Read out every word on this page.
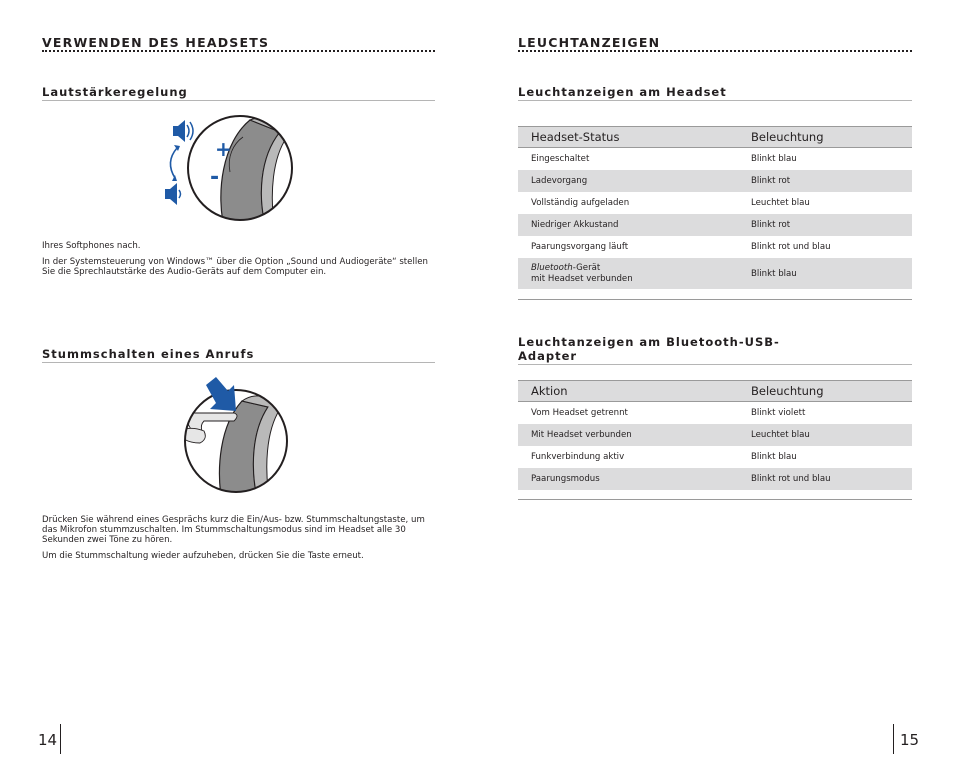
VERWENDEN DES HEADSETS
Lautstärkeregelung
+
-

Ihres Softphones nach.

In der Systemsteuerung von Windows™ über die Option „Sound und Audiogeräte“ stellen Sie die Sprechlautstärke des Audio-Geräts auf dem Computer ein.

Stummschalten eines Anrufs

Drücken Sie während eines Gesprächs kurz die Ein/Aus- bzw. Stummschaltungstaste, um das Mikrofon stummzuschalten. Im Stummschaltungsmodus sind im Headset alle 30 Sekunden zwei Töne zu hören.

Um die Stummschaltung wieder aufzuheben, drücken Sie die Taste erneut.

14
LEUCHTANZEIGEN
Leuchtanzeigen am Headset
Headset-Status	Beleuchtung
Eingeschaltet	Blinkt blau
Ladevorgang	Blinkt rot
Vollständig aufgeladen	Leuchtet blau
Niedriger Akkustand	Blinkt rot
Paarungsvorgang läuft	Blinkt rot und blau
Bluetooth-Gerät
mit Headset verbunden	Blinkt blau
Leuchtanzeigen am Bluetooth-USB-
Adapter
Aktion	Beleuchtung
Vom Headset getrennt	Blinkt violett
Mit Headset verbunden	Leuchtet blau
Funkverbindung aktiv	Blinkt blau
Paarungsmodus	Blinkt rot und blau
15
